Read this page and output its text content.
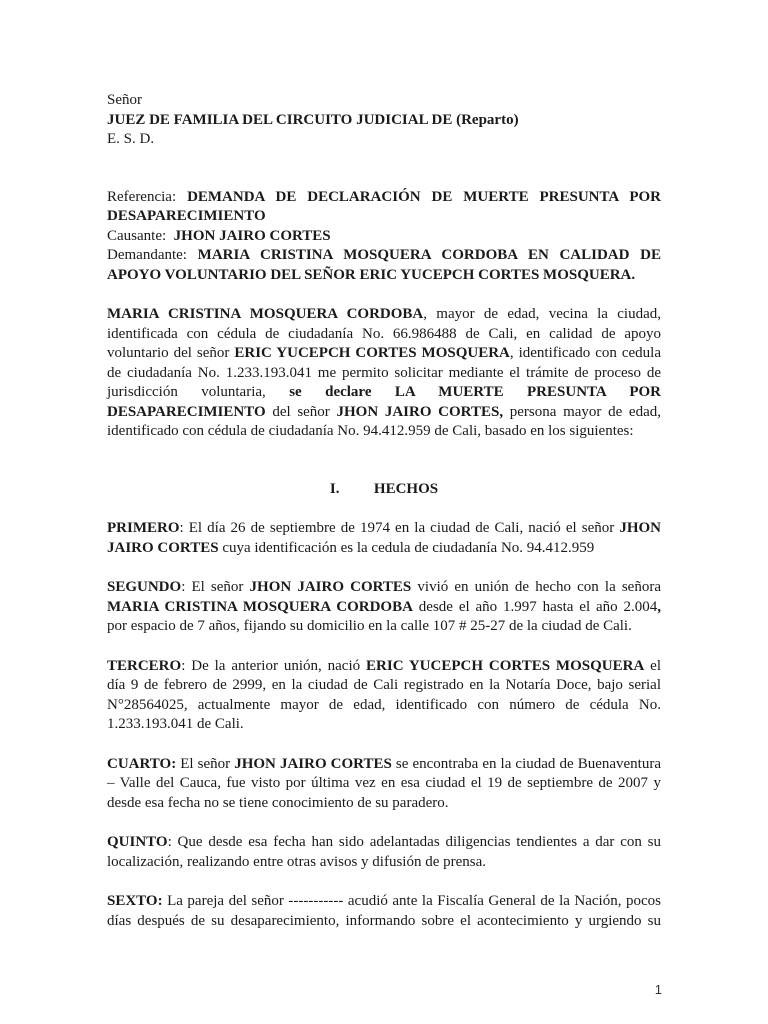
Señor

JUEZ DE FAMILIA DEL CIRCUITO JUDICIAL DE (Reparto)

E. S. D.

Referencia: DEMANDA DE DECLARACIÓN DE MUERTE PRESUNTA POR

DESAPARECIMIENTO

Causante: JHON JAIRO CORTES

Demandante: MARIA CRISTINA MOSQUERA CORDOBA EN CALIDAD DE

APOYO VOLUNTARIO DEL SEÑOR ERIC YUCEPCH CORTES MOSQUERA.

MARIA CRISTINA MOSQUERA CORDOBA, mayor de edad, vecina la ciudad, identificada con cédula de ciudadanía No. 66.986488 de Cali, en calidad de apoyo voluntario del señor ERIC YUCEPCH CORTES MOSQUERA, identificado con cedula de ciudadanía No. 1.233.193.041 me permito solicitar mediante el trámite de proceso de jurisdicción voluntaria, se declare LA MUERTE PRESUNTA POR DESAPARECIMIENTO del señor JHON JAIRO CORTES, persona mayor de edad, identificado con cédula de ciudadanía No. 94.412.959 de Cali, basado en los siguientes:

I. HECHOS

PRIMERO: El día 26 de septiembre de 1974 en la ciudad de Cali, nació el señor JHON JAIRO CORTES cuya identificación es la cedula de ciudadanía No. 94.412.959

SEGUNDO: El señor JHON JAIRO CORTES vivió en unión de hecho con la señora MARIA CRISTINA MOSQUERA CORDOBA desde el año 1.997 hasta el año 2.004, por espacio de 7 años, fijando su domicilio en la calle 107 # 25-27 de la ciudad de Cali.

TERCERO: De la anterior unión, nació ERIC YUCEPCH CORTES MOSQUERA el día 9 de febrero de 2999, en la ciudad de Cali registrado en la Notaría Doce, bajo serial N°28564025, actualmente mayor de edad, identificado con número de cédula No. 1.233.193.041 de Cali.

CUARTO: El señor JHON JAIRO CORTES se encontraba en la ciudad de Buenaventura – Valle del Cauca, fue visto por última vez en esa ciudad el 19 de septiembre de 2007 y desde esa fecha no se tiene conocimiento de su paradero.

QUINTO: Que desde esa fecha han sido adelantadas diligencias tendientes a dar con su localización, realizando entre otras avisos y difusión de prensa.

SEXTO: La pareja del señor ----------- acudió ante la Fiscalía General de la Nación, pocos días después de su desaparecimiento, informando sobre el acontecimiento y urgiendo su

1
